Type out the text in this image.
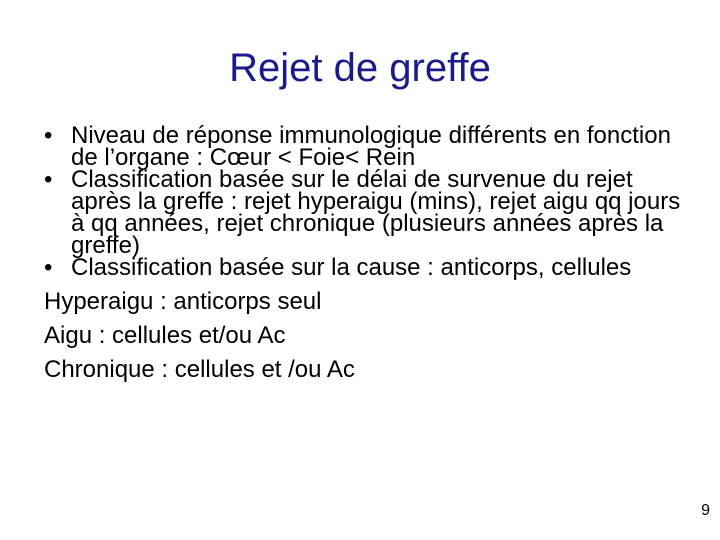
Rejet de greffe
• Niveau de réponse immunologique différents en fonction de l’organe : Cœur < Foie< Rein
• Classification basée sur le délai de survenue du rejet après la greffe : rejet hyperaigu (mins), rejet aigu qq jours à qq années, rejet chronique (plusieurs années après la greffe)
• Classification basée sur la cause : anticorps, cellules
Hyperaigu : anticorps seul
Aigu : cellules et/ou Ac
Chronique : cellules et /ou Ac
9
